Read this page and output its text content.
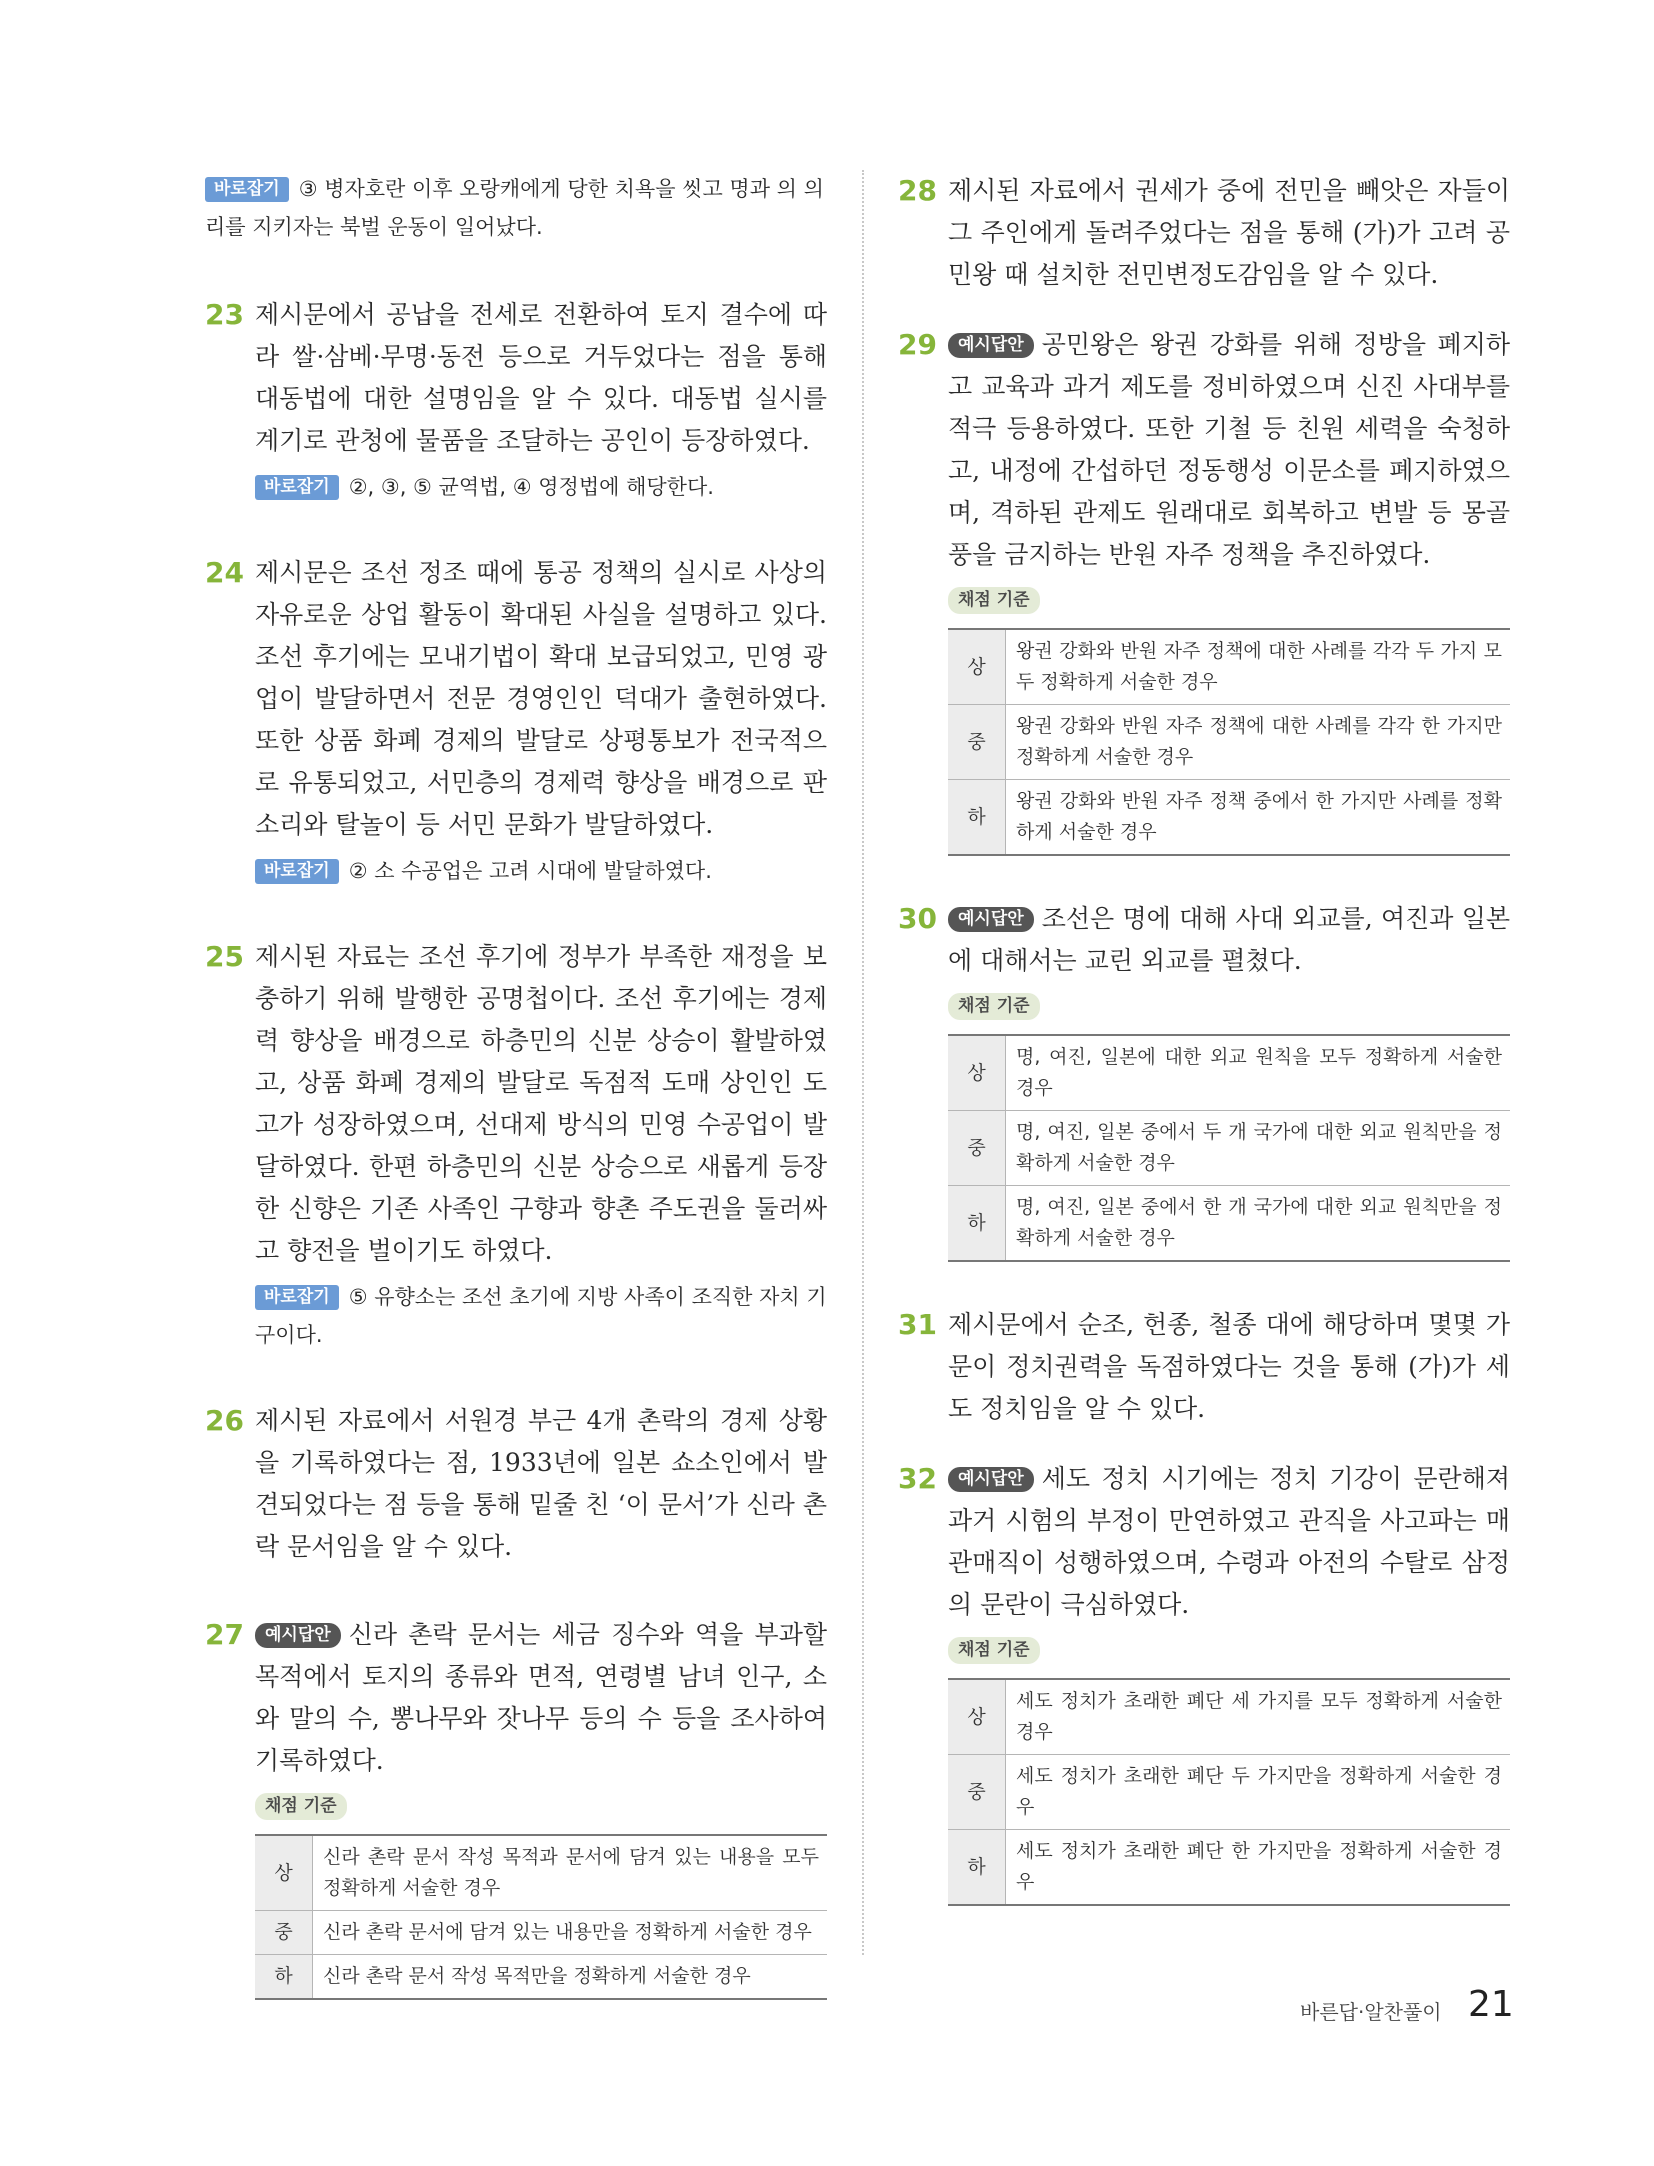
바로잡기 ③ 병자호란 이후 오랑캐에게 당한 치욕을 씻고 명과 의 의리를 지키자는 북벌 운동이 일어났다.
23 제시문에서 공납을 전세로 전환하여 토지 결수에 따라 쌀·삼베·무명·동전 등으로 거두었다는 점을 통해 대동법에 대한 설명임을 알 수 있다. 대동법 실시를 계기로 관청에 물품을 조달하는 공인이 등장하였다.

바로잡기 ②, ③, ⑤ 균역법, ④ 영정법에 해당한다.
24 제시문은 조선 정조 때에 통공 정책의 실시로 사상의 자유로운 상업 활동이 확대된 사실을 설명하고 있다. 조선 후기에는 모내기법이 확대 보급되었고, 민영 광업이 발달하면서 전문 경영인인 덕대가 출현하였다. 또한 상품 화폐 경제의 발달로 상평통보가 전국적으로 유통되었고, 서민층의 경제력 향상을 배경으로 판소리와 탈놀이 등 서민 문화가 발달하였다.

바로잡기 ② 소 수공업은 고려 시대에 발달하였다.
25 제시된 자료는 조선 후기에 정부가 부족한 재정을 보충하기 위해 발행한 공명첩이다. 조선 후기에는 경제력 향상을 배경으로 하층민의 신분 상승이 활발하였고, 상품 화폐 경제의 발달로 독점적 도매 상인인 도고가 성장하였으며, 선대제 방식의 민영 수공업이 발달하였다. 한편 하층민의 신분 상승으로 새롭게 등장한 신향은 기존 사족인 구향과 향촌 주도권을 둘러싸고 향전을 벌이기도 하였다.

바로잡기 ⑤ 유향소는 조선 초기에 지방 사족이 조직한 자치 기구이다.
26 제시된 자료에서 서원경 부근 4개 촌락의 경제 상황을 기록하였다는 점, 1933년에 일본 쇼소인에서 발견되었다는 점 등을 통해 밑줄 친 ‘이 문서’가 신라 촌락 문서임을 알 수 있다.

27	예시답안 신라 촌락 문서는 세금 징수와 역을 부과할 목적에서 토지의 종류와 면적, 연령별 남녀 인구, 소와 말의 수, 뽕나무와 잣나무 등의 수 등을 조사하여 기록하였다.

채점 기준
상	신라 촌락 문서 작성 목적과 문서에 담겨 있는 내용을 모두 정확하게 서술한 경우
중	신라 촌락 문서에 담겨 있는 내용만을 정확하게 서술한 경우
하	신라 촌락 문서 작성 목적만을 정확하게 서술한 경우
28 제시된 자료에서 권세가 중에 전민을 빼앗은 자들이 그 주인에게 돌려주었다는 점을 통해 (가)가 고려 공민왕 때 설치한 전민변정도감임을 알 수 있다.

29	예시답안 공민왕은 왕권 강화를 위해 정방을 폐지하고 교육과 과거 제도를 정비하였으며 신진 사대부를 적극 등용하였다. 또한 기철 등 친원 세력을 숙청하고, 내정에 간섭하던 정동행성 이문소를 폐지하였으며, 격하된 관제도 원래대로 회복하고 변발 등 몽골풍을 금지하는 반원 자주 정책을 추진하였다.

채점 기준
상	왕권 강화와 반원 자주 정책에 대한 사례를 각각 두 가지 모두 정확하게 서술한 경우
중	왕권 강화와 반원 자주 정책에 대한 사례를 각각 한 가지만 정확하게 서술한 경우
하	왕권 강화와 반원 자주 정책 중에서 한 가지만 사례를 정확하게 서술한 경우
30	예시답안 조선은 명에 대해 사대 외교를, 여진과 일본에 대해서는 교린 외교를 펼쳤다.

채점 기준
상	명, 여진, 일본에 대한 외교 원칙을 모두 정확하게 서술한 경우
중	명, 여진, 일본 중에서 두 개 국가에 대한 외교 원칙만을 정확하게 서술한 경우
하	명, 여진, 일본 중에서 한 개 국가에 대한 외교 원칙만을 정확하게 서술한 경우
31 제시문에서 순조, 헌종, 철종 대에 해당하며 몇몇 가문이 정치권력을 독점하였다는 것을 통해 (가)가 세도 정치임을 알 수 있다.

32	예시답안 세도 정치 시기에는 정치 기강이 문란해져 과거 시험의 부정이 만연하였고 관직을 사고파는 매관매직이 성행하였으며, 수령과 아전의 수탈로 삼정의 문란이 극심하였다.

채점 기준
상	세도 정치가 초래한 폐단 세 가지를 모두 정확하게 서술한 경우
중	세도 정치가 초래한 폐단 두 가지만을 정확하게 서술한 경우
하	세도 정치가 초래한 폐단 한 가지만을 정확하게 서술한 경우
바른답·알찬풀이 21
